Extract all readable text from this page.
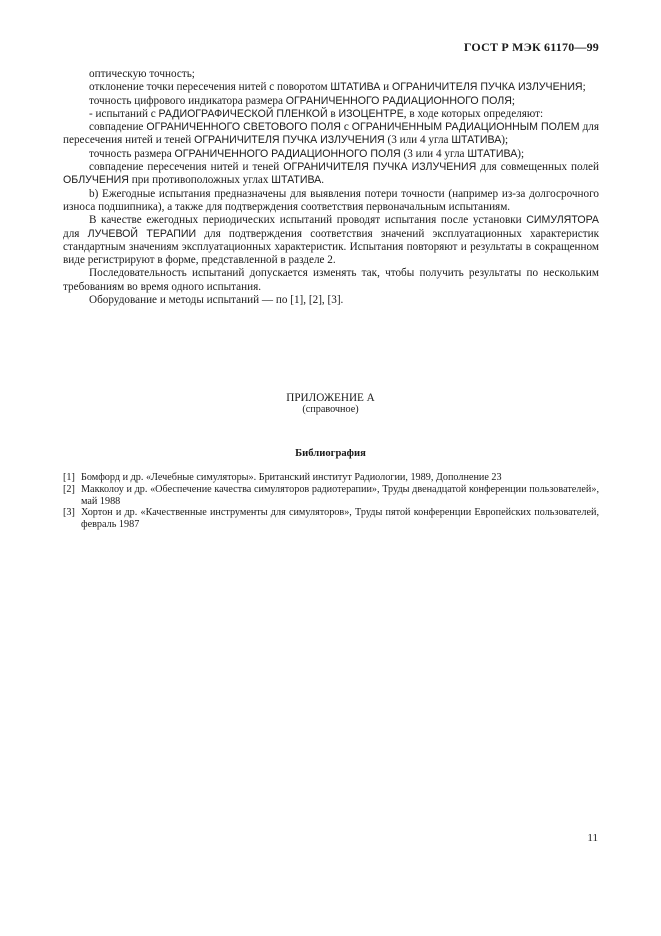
ГОСТ Р МЭК 61170—99

оптическую точность;

отклонение точки пересечения нитей с поворотом ШТАТИВА и ОГРАНИЧИТЕЛЯ ПУЧКА ИЗЛУЧЕНИЯ;

точность цифрового индикатора размера ОГРАНИЧЕННОГО РАДИАЦИОННОГО ПОЛЯ;

- испытаний с РАДИОГРАФИЧЕСКОЙ ПЛЕНКОЙ в ИЗОЦЕНТРЕ, в ходе которых определяют:

совпадение ОГРАНИЧЕННОГО СВЕТОВОГО ПОЛЯ с ОГРАНИЧЕННЫМ РАДИАЦИОННЫМ ПОЛЕМ для пересечения нитей и теней ОГРАНИЧИТЕЛЯ ПУЧКА ИЗЛУЧЕНИЯ (3 или 4 угла ШТАТИВА);

точность размера ОГРАНИЧЕННОГО РАДИАЦИОННОГО ПОЛЯ (3 или 4 угла ШТАТИВА);

совпадение пересечения нитей и теней ОГРАНИЧИТЕЛЯ ПУЧКА ИЗЛУЧЕНИЯ для совмещенных полей ОБЛУЧЕНИЯ при противоположных углах ШТАТИВА.

b) Ежегодные испытания предназначены для выявления потери точности (например из-за долгосрочного износа подшипника), а также для подтверждения соответствия первоначальным испытаниям.

В качестве ежегодных периодических испытаний проводят испытания после установки СИМУЛЯТОРА для ЛУЧЕВОЙ ТЕРАПИИ для подтверждения соответствия значений эксплуатационных характеристик стандартным значениям эксплуатационных характеристик. Испытания повторяют и результаты в сокращенном виде регистрируют в форме, представленной в разделе 2.

Последовательность испытаний допускается изменять так, чтобы получить результаты по нескольким требованиям во время одного испытания.

Оборудование и методы испытаний — по [1], [2], [3].

ПРИЛОЖЕНИЕ А
(справочное)
Библиография
[1] Бомфорд и др. «Лечебные симуляторы». Британский институт Радиологии, 1989, Дополнение 23
[2] Макколоу и др. «Обеспечение качества симуляторов радиотерапии», Труды двенадцатой конференции пользователей», май 1988
[3] Хортон и др. «Качественные инструменты для симуляторов», Труды пятой конференции Европейских пользователей, февраль 1987
11
